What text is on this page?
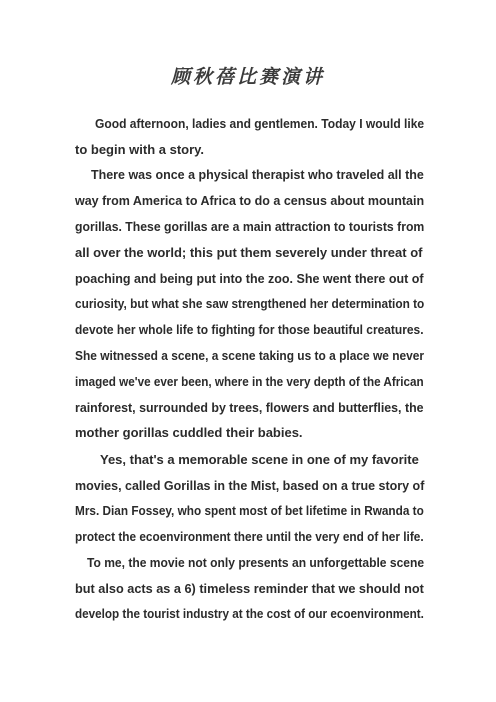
顾秋蓓比赛演讲
Good afternoon, ladies and gentlemen. Today I would like
to begin with a story.
There was once a physical therapist who traveled all the
way from America to Africa to do a census about mountain
gorillas. These gorillas are a main attraction to tourists from
all over the world; this put them severely under threat of
poaching and being put into the zoo. She went there out of
curiosity, but what she saw strengthened her determination to
devote her whole life to fighting for those beautiful creatures.
She witnessed a scene, a scene taking us to a place we never
imaged we've ever been, where in the very depth of the African
rainforest, surrounded by trees, flowers and butterflies, the
mother gorillas cuddled their babies.
Yes, that's a memorable scene in one of my favorite
movies, called Gorillas in the Mist, based on a true story of
Mrs. Dian Fossey, who spent most of bet lifetime in Rwanda to
protect the ecoenvironment there until the very end of her life.
To me, the movie not only presents an unforgettable scene
but also acts as a 6) timeless reminder that we should not
develop the tourist industry at the cost of our ecoenvironment.
